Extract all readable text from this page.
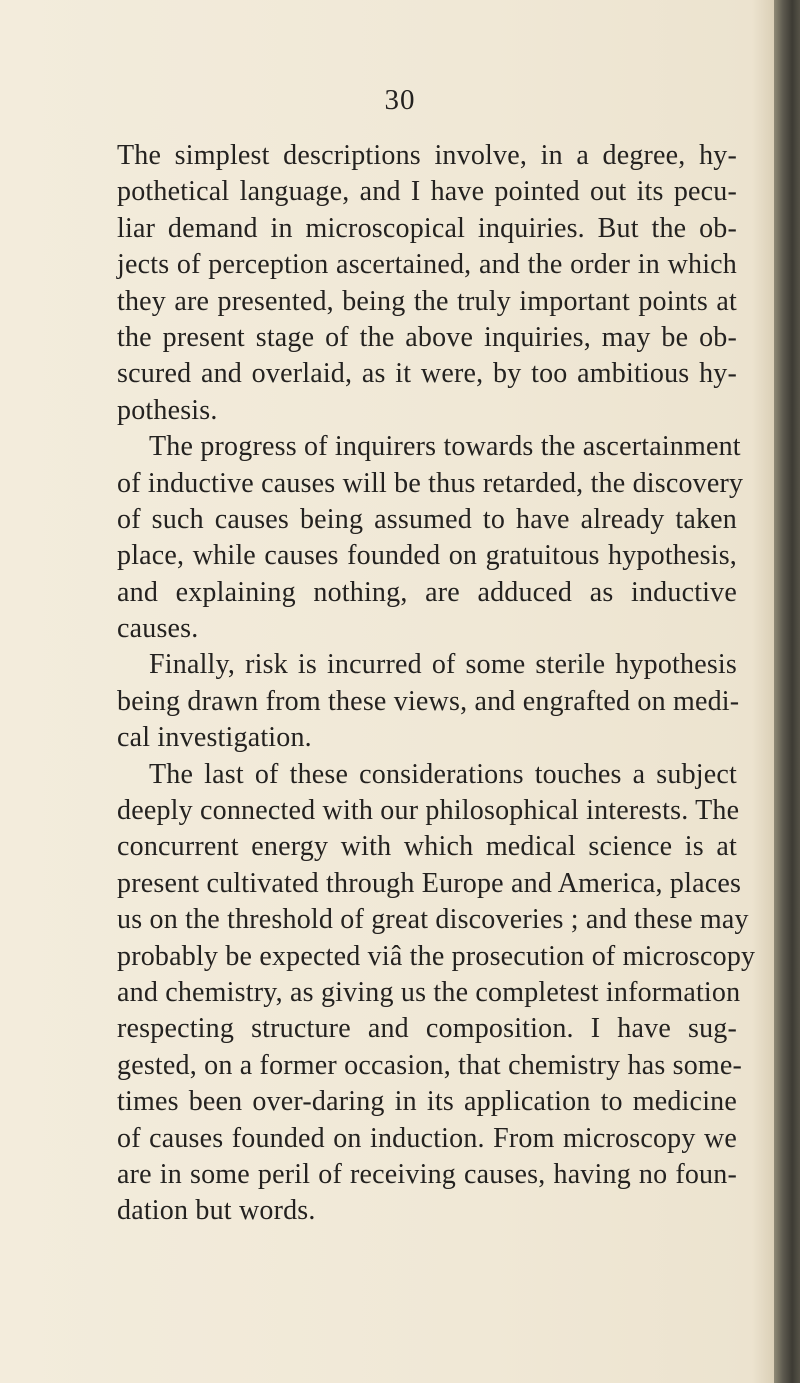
30
The simplest descriptions involve, in a degree, hy-
pothetical language, and I have pointed out its pecu-
liar demand in microscopical inquiries. But the ob-
jects of perception ascertained, and the order in which
they are presented, being the truly important points at
the present stage of the above inquiries, may be ob-
scured and overlaid, as it were, by too ambitious hy-
pothesis.
The progress of inquirers towards the ascertainment
of inductive causes will be thus retarded, the discovery
of such causes being assumed to have already taken
place, while causes founded on gratuitous hypothesis,
and explaining nothing, are adduced as inductive
causes.
Finally, risk is incurred of some sterile hypothesis
being drawn from these views, and engrafted on medi-
cal investigation.
The last of these considerations touches a subject
deeply connected with our philosophical interests. The
concurrent energy with which medical science is at
present cultivated through Europe and America, places
us on the threshold of great discoveries ; and these may
probably be expected viâ the prosecution of microscopy
and chemistry, as giving us the completest information
respecting structure and composition. I have sug-
gested, on a former occasion, that chemistry has some-
times been over-daring in its application to medicine
of causes founded on induction. From microscopy we
are in some peril of receiving causes, having no foun-
dation but words.
